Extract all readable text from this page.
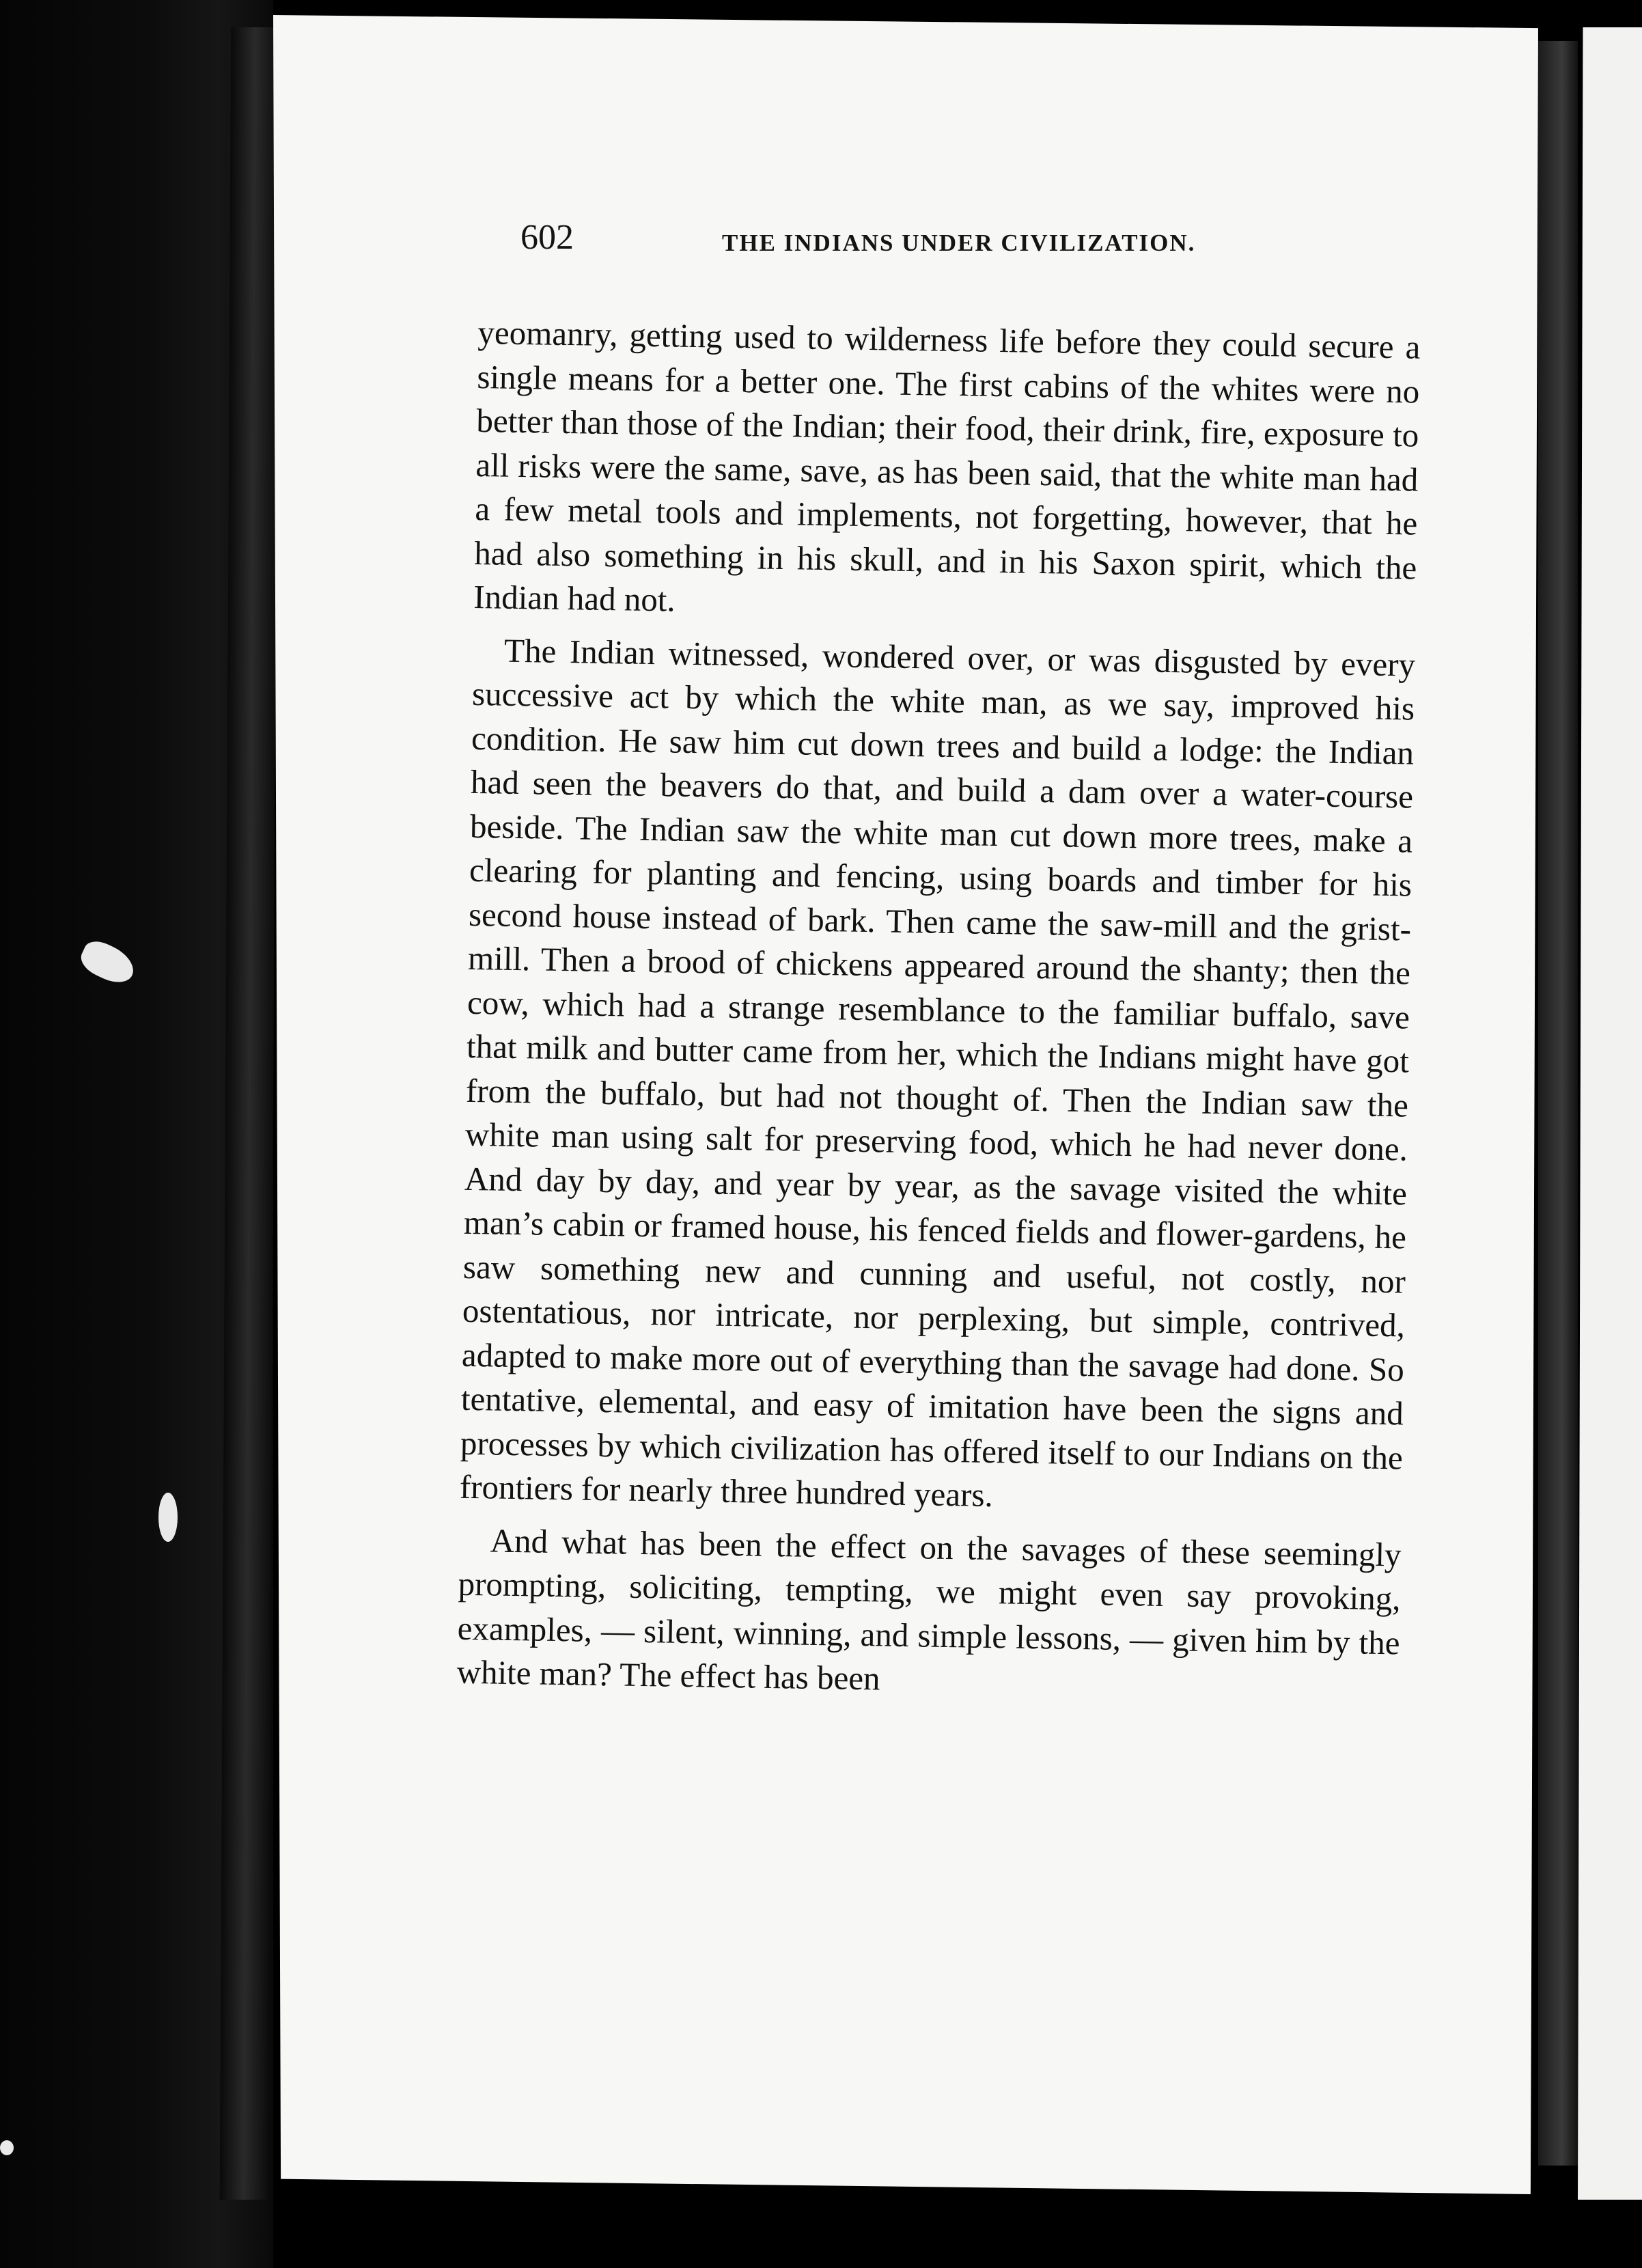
602	THE INDIANS UNDER CIVILIZATION.

yeomanry, getting used to wilderness life before they could secure a single means for a better one. The first cabins of the whites were no better than those of the Indian; their food, their drink, fire, exposure to all risks were the same, save, as has been said, that the white man had a few metal tools and implements, not forgetting, however, that he had also something in his skull, and in his Saxon spirit, which the Indian had not.

The Indian witnessed, wondered over, or was disgusted by every successive act by which the white man, as we say, improved his condition. He saw him cut down trees and build a lodge: the Indian had seen the beavers do that, and build a dam over a water-course beside. The Indian saw the white man cut down more trees, make a clearing for planting and fencing, using boards and timber for his second house instead of bark. Then came the saw-mill and the grist-mill. Then a brood of chickens appeared around the shanty; then the cow, which had a strange resemblance to the familiar buffalo, save that milk and butter came from her, which the Indians might have got from the buffalo, but had not thought of. Then the Indian saw the white man using salt for preserving food, which he had never done. And day by day, and year by year, as the savage visited the white man’s cabin or framed house, his fenced fields and flower-gardens, he saw something new and cunning and useful, not costly, nor ostentatious, nor intricate, nor perplexing, but simple, contrived, adapted to make more out of everything than the savage had done. So tentative, elemental, and easy of imitation have been the signs and processes by which civilization has offered itself to our Indians on the frontiers for nearly three hundred years.

And what has been the effect on the savages of these seemingly prompting, soliciting, tempting, we might even say provoking, examples, — silent, winning, and simple lessons, — given him by the white man? The effect has been
